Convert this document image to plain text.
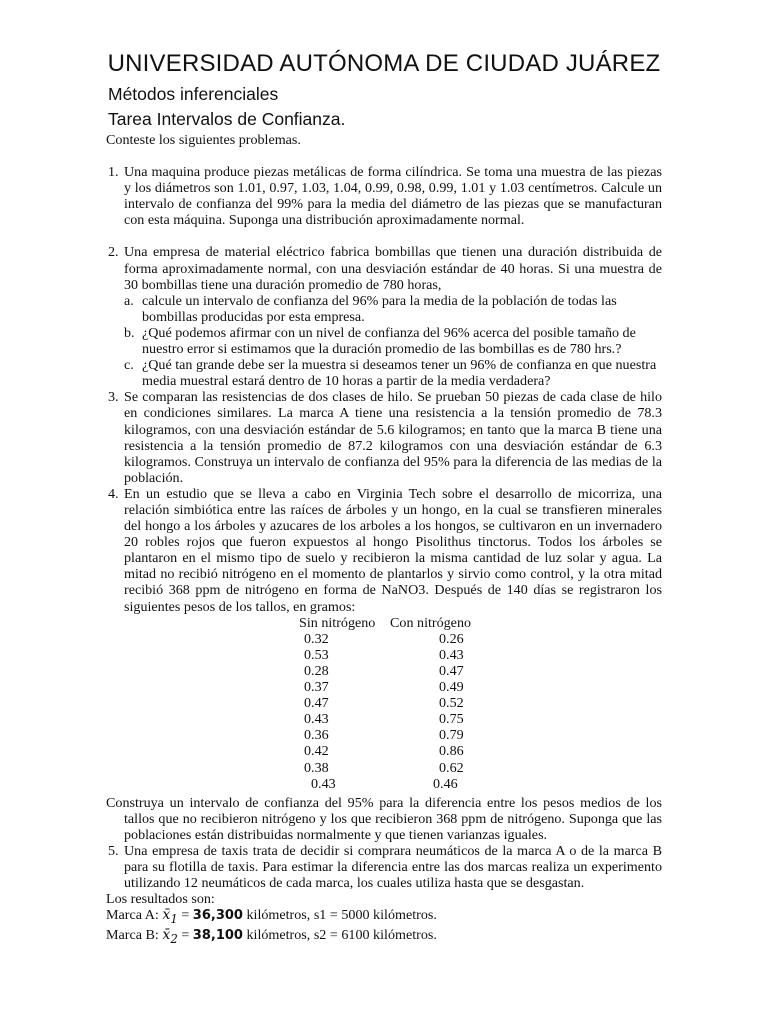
UNIVERSIDAD AUTÓNOMA DE CIUDAD JUÁREZ
Métodos inferenciales
Tarea Intervalos de Confianza.

Conteste los siguientes problemas.

1. Una maquina produce piezas metálicas de forma cilíndrica. Se toma una muestra de las piezas y los diámetros son 1.01, 0.97, 1.03, 1.04, 0.99, 0.98, 0.99, 1.01 y 1.03 centímetros. Calcule un intervalo de confianza del 99% para la media del diámetro de las piezas que se manufacturan con esta máquina. Suponga una distribución aproximadamente normal.
2. Una empresa de material eléctrico fabrica bombillas que tienen una duración distribuida de forma aproximadamente normal, con una desviación estándar de 40 horas. Si una muestra de 30 bombillas tiene una duración promedio de 780 horas,
a. calcule un intervalo de confianza del 96% para la media de la población de todas las bombillas producidas por esta empresa.
b. ¿Qué podemos afirmar con un nivel de confianza del 96% acerca del posible tamaño de nuestro error si estimamos que la duración promedio de las bombillas es de 780 hrs.?
c. ¿Qué tan grande debe ser la muestra si deseamos tener un 96% de confianza en que nuestra media muestral estará dentro de 10 horas a partir de la media verdadera?
3. Se comparan las resistencias de dos clases de hilo. Se prueban 50 piezas de cada clase de hilo en condiciones similares. La marca A tiene una resistencia a la tensión promedio de 78.3 kilogramos, con una desviación estándar de 5.6 kilogramos; en tanto que la marca B tiene una resistencia a la tensión promedio de 87.2 kilogramos con una desviación estándar de 6.3 kilogramos. Construya un intervalo de confianza del 95% para la diferencia de las medias de la población.
4. En un estudio que se lleva a cabo en Virginia Tech sobre el desarrollo de micorriza, una relación simbiótica entre las raíces de árboles y un hongo, en la cual se transfieren minerales del hongo a los árboles y azucares de los arboles a los hongos, se cultivaron en un invernadero 20 robles rojos que fueron expuestos al hongo Pisolithus tinctorus. Todos los árboles se plantaron en el mismo tipo de suelo y recibieron la misma cantidad de luz solar y agua. La mitad no recibió nitrógeno en el momento de plantarlos y sirvio como control, y la otra mitad recibió 368 ppm de nitrógeno en forma de NaNO3. Después de 140 días se registraron los siguientes pesos de los tallos, en gramos:
Sin nitrógeno Con nitrógeno
0.32	0.26
0.53	0.43
0.28	0.47
0.37	0.49
0.47	0.52
0.43	0.75
0.36	0.79
0.42	0.86
0.38	0.62
0.43	0.46

Construya un intervalo de confianza del 95% para la diferencia entre los pesos medios de los tallos que no recibieron nitrógeno y los que recibieron 368 ppm de nitrógeno. Suponga que las poblaciones están distribuidas normalmente y que tienen varianzas iguales.

5. Una empresa de taxis trata de decidir si comprara neumáticos de la marca A o de la marca B para su flotilla de taxis. Para estimar la diferencia entre las dos marcas realiza un experimento utilizando 12 neumáticos de cada marca, los cuales utiliza hasta que se desgastan.

Los resultados son:

Marca A: $x̄_1 = 36,300$ kilómetros, s1 = 5000 kilómetros.

Marca B: $x̄_2 = 38,100$ kilómetros, s2 = 6100 kilómetros.
